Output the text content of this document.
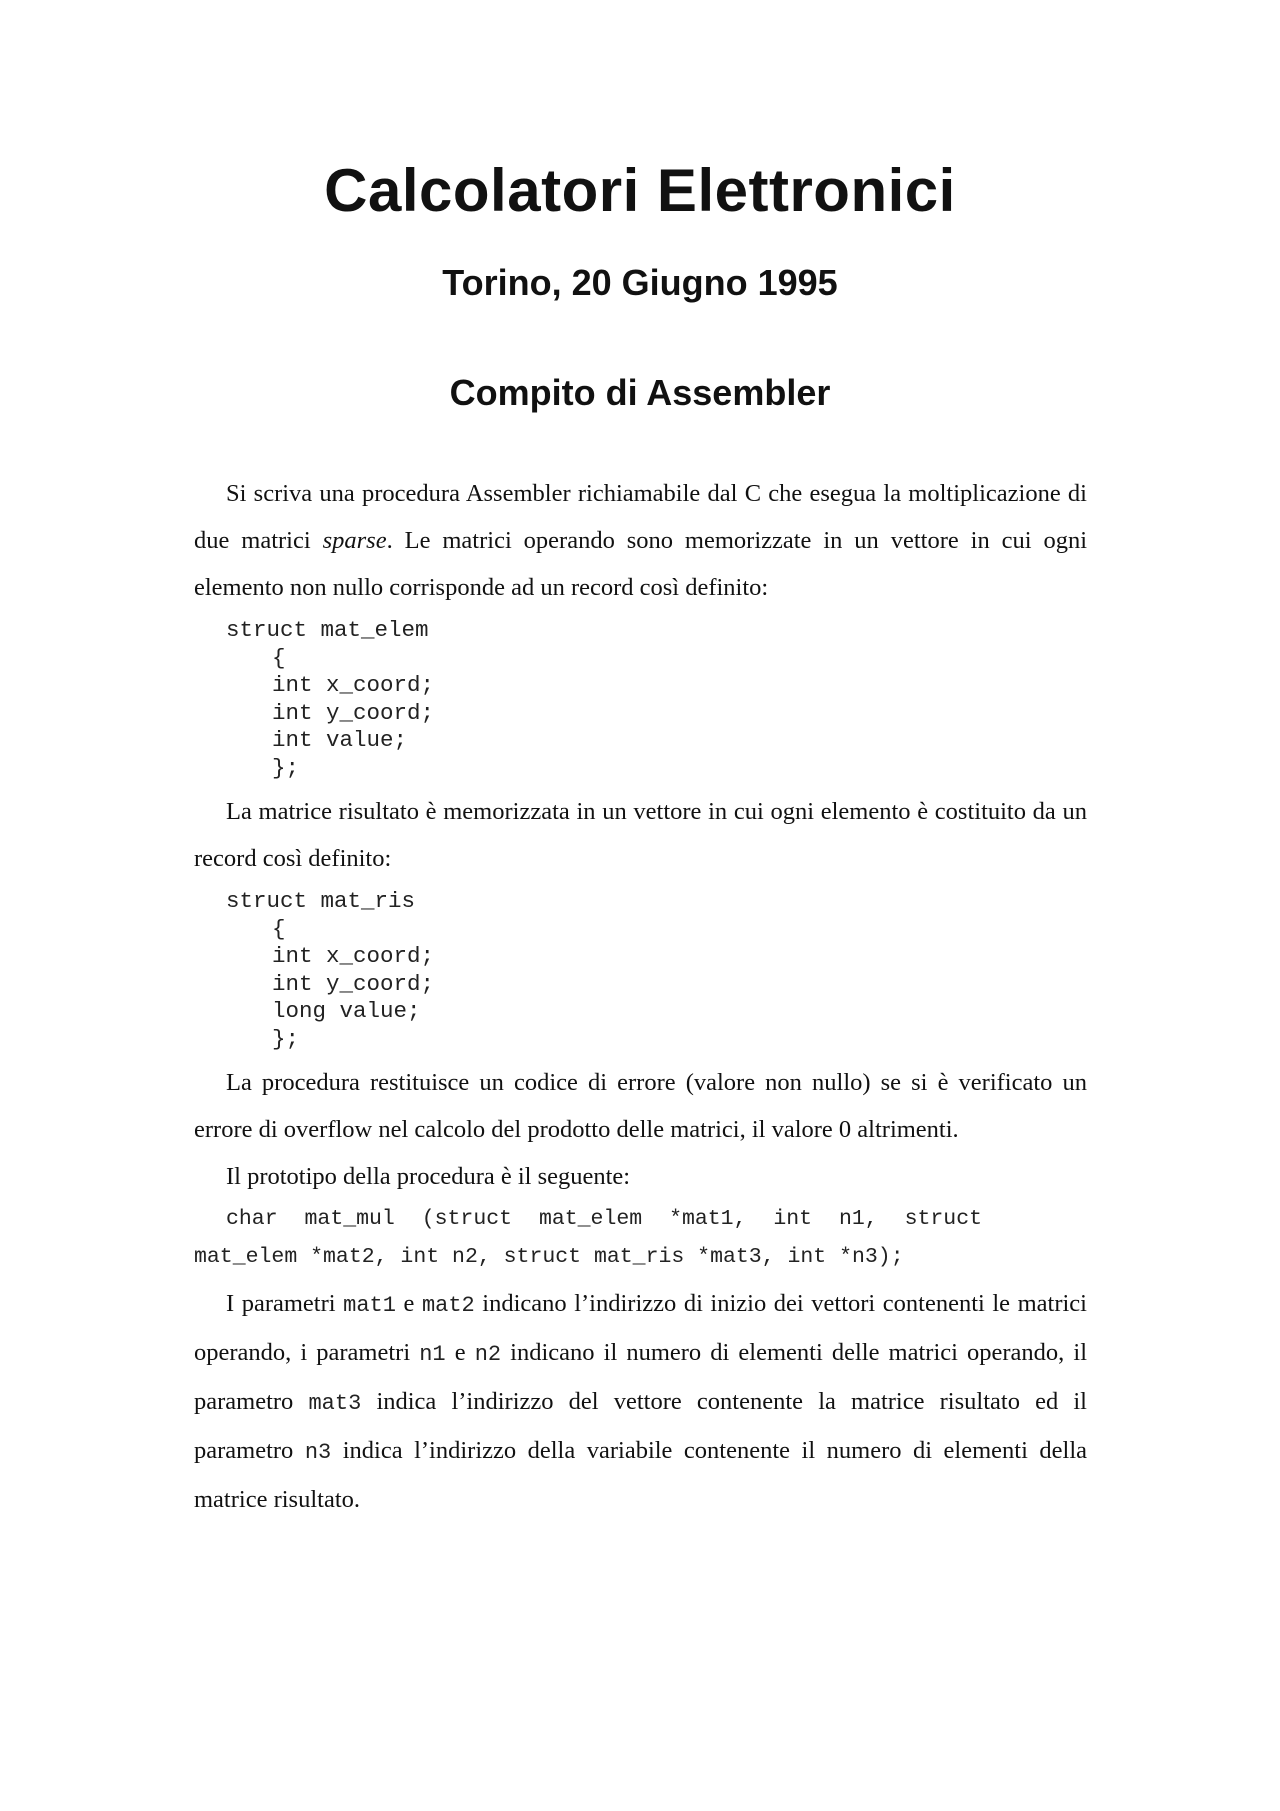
Calcolatori Elettronici
Torino, 20 Giugno 1995
Compito di Assembler

Si scriva una procedura Assembler richiamabile dal C che esegua la moltiplicazione di due matrici sparse. Le matrici operando sono memorizzate in un vettore in cui ogni elemento non nullo corrisponde ad un record così definito:

struct mat_elem
{
int x_coord;
int y_coord;
int value;
};

La matrice risultato è memorizzata in un vettore in cui ogni elemento è costituito da un record così definito:

struct mat_ris
{
int x_coord;
int y_coord;
long value;
};

La procedura restituisce un codice di errore (valore non nullo) se si è verificato un errore di overflow nel calcolo del prodotto delle matrici, il valore 0 altrimenti.

Il prototipo della procedura è il seguente:

char mat_mul (struct mat_elem *mat1, int n1, struct

mat_elem *mat2, int n2, struct mat_ris *mat3, int *n3);

I parametri mat1 e mat2 indicano l’indirizzo di inizio dei vettori contenenti le matrici operando, i parametri n1 e n2 indicano il numero di elementi delle matrici operando, il parametro mat3 indica l’indirizzo del vettore contenente la matrice risultato ed il parametro n3 indica l’indirizzo della variabile contenente il numero di elementi della matrice risultato.
